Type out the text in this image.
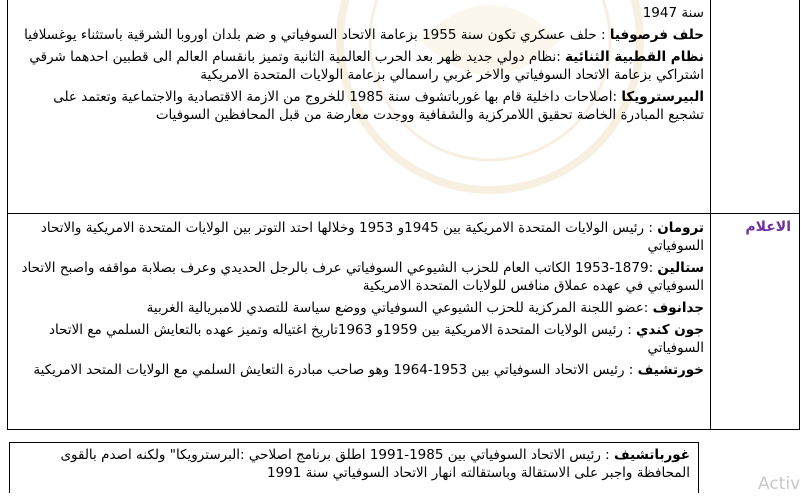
سنة 1947
حلف فرصوفيا : حلف عسكري تكون سنة 1955 بزعامة الاتحاد السوفياتي و ضم بلدان اوروبا الشرقية باستثناء يوغسلافيا
نظام القطبية الثنائية :نظام دولي جديد ظهر بعد الحرب العالمية الثانية وتميز بانقسام العالم الى قطبين احدهما شرقي اشتراكي بزعامة الاتحاد السوفياتي والاخر غربي راسمالي بزعامة الولايات المتحدة الامريكية
البيرسترويكا :اصلاحات داخلية قام بها غورباتشوف سنة 1985 للخروج من الازمة الاقتصادية والاجتماعية وتعتمد على تشجيع المبادرة الخاصة تحقيق اللامركزية والشفافية ووجدت معارضة من قبل المحافظين السوفيات
الاعلام
ترومان : رئيس الولايات المتحدة الامريكية بين 1945و 1953 وخلالها احتد التوتر بين الولايات المتحدة الامريكية والاتحاد السوفياتي
ستالين :1879-1953 الكاتب العام للحزب الشيوعي السوفياتي عرف بالرجل الحديدي وعرف بصلابة مواقفه واصبح الاتحاد السوفياتي في عهده عملاق منافس للولايات المتحدة الامريكية
جدانوف :عضو اللجنة المركزية للحزب الشيوعي السوفياتي ووضع سياسة للتصدي للامبريالية الغربية
جون كندي : رئيس الولايات المتحدة الامريكية بين 1959و 1963تاريخ اغتياله وتميز عهده بالتعايش السلمي مع الاتحاد السوفياتي
خورتشيف : رئيس الاتحاد السوفياتي بين 1953-1964 وهو صاحب مبادرة التعايش السلمي مع الولايات المتحد الامريكية
غورباتشيف : رئيس الاتحاد السوفياتي بين 1985-1991 اطلق برنامج اصلاحي :البرسترويكا" ولكنه اصدم بالقوى المحافظة واجبر على الاستقالة وباستقالته انهار الاتحاد السوفياتي سنة 1991
Activ
